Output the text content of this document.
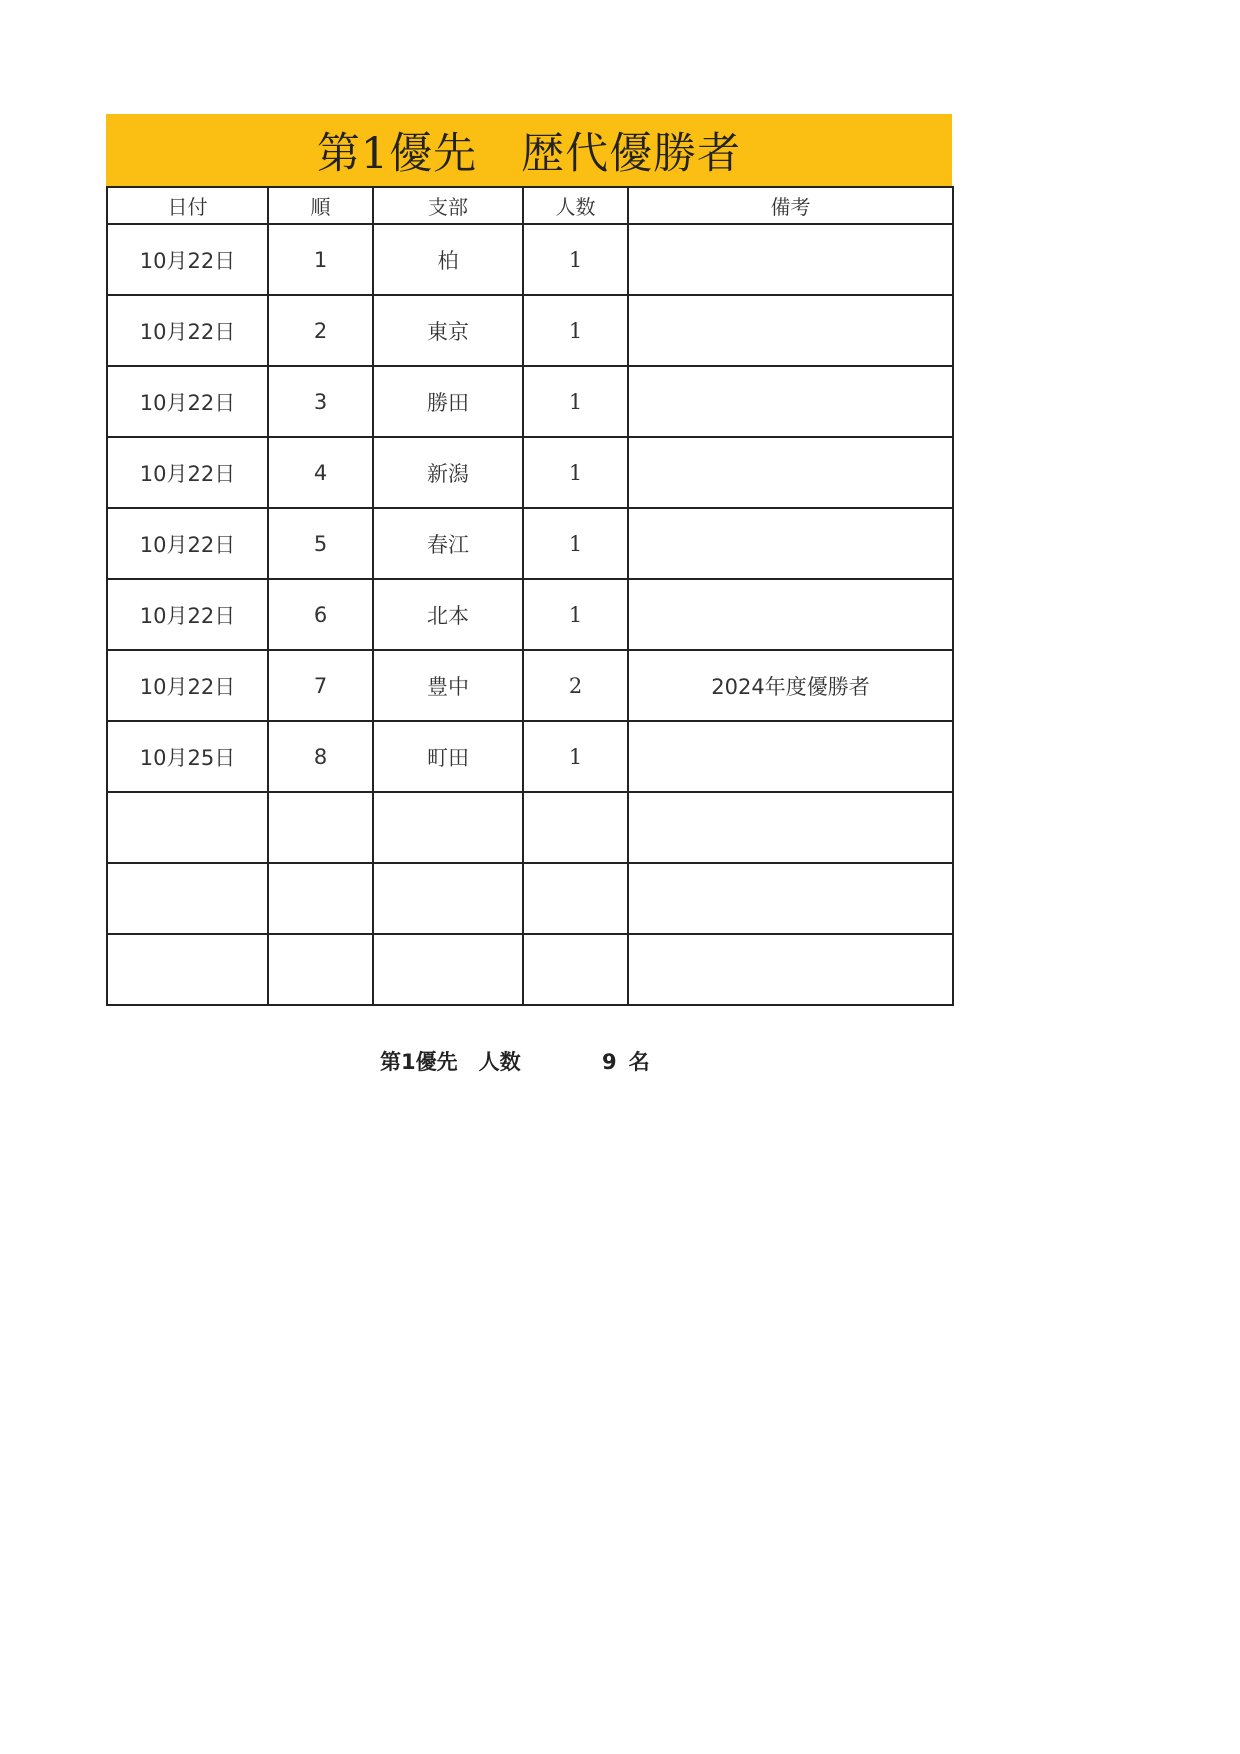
第1優先　歴代優勝者
日付	順	支部	人数	備考
10月22日	1	柏	1	
10月22日	2	東京	1	
10月22日	3	勝田	1	
10月22日	4	新潟	1	
10月22日	5	春江	1	
10月22日	6	北本	1	
10月22日	7	豊中	2	2024年度優勝者
10月25日	8	町田	1	

第1優先　人数	9 名
